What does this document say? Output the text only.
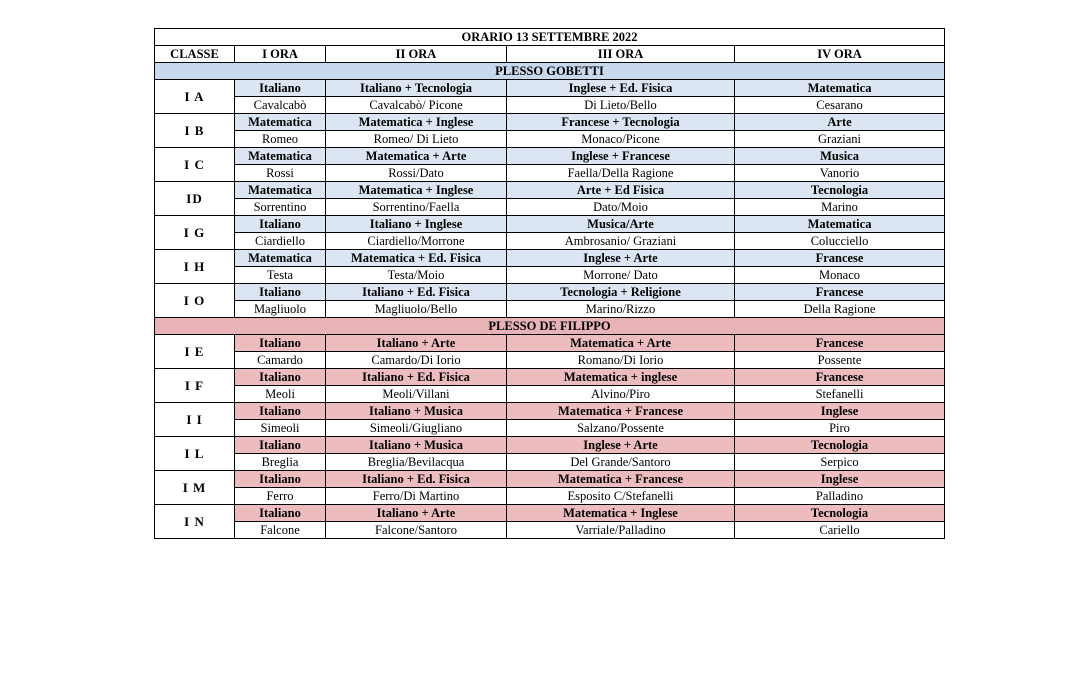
ORARIO 13 SETTEMBRE 2022				
CLASSE	I ORA	II ORA	III ORA	IV ORA
PLESSO GOBETTI				
I A	Italiano	Italiano + Tecnologia	Inglese + Ed. Fisica	Matematica
	Cavalcabò	Cavalcabò/ Picone	Di Lieto/Bello	Cesarano
I B	Matematica	Matematica + Inglese	Francese + Tecnologia	Arte
	Romeo	Romeo/ Di Lieto	Monaco/Picone	Graziani
I C	Matematica	Matematica + Arte	Inglese + Francese	Musica
	Rossi	Rossi/Dato	Faella/Della Ragione	Vanorio
ID	Matematica	Matematica + Inglese	Arte + Ed Fisica	Tecnologia
	Sorrentino	Sorrentino/Faella	Dato/Moio	Marino
I G	Italiano	Italiano + Inglese	Musica/Arte	Matematica
	Ciardiello	Ciardiello/Morrone	Ambrosanio/ Graziani	Colucciello
I H	Matematica	Matematica + Ed. Fisica	Inglese + Arte	Francese
	Testa	Testa/Moio	Morrone/ Dato	Monaco
I O	Italiano	Italiano + Ed. Fisica	Tecnologia + Religione	Francese
	Magliuolo	Magliuolo/Bello	Marino/Rizzo	Della Ragione
PLESSO DE FILIPPO				
I E	Italiano	Italiano + Arte	Matematica + Arte	Francese
	Camardo	Camardo/Di Iorio	Romano/Di Iorio	Possente
I F	Italiano	Italiano + Ed. Fisica	Matematica + inglese	Francese
	Meoli	Meoli/Villani	Alvino/Piro	Stefanelli
I I	Italiano	Italiano + Musica	Matematica + Francese	Inglese
	Simeoli	Simeoli/Giugliano	Salzano/Possente	Piro
I L	Italiano	Italiano + Musica	Inglese + Arte	Tecnologia
	Breglia	Breglia/Bevilacqua	Del Grande/Santoro	Serpico
I M	Italiano	Italiano + Ed. Fisica	Matematica + Francese	Inglese
	Ferro	Ferro/Di Martino	Esposito C/Stefanelli	Palladino
I N	Italiano	Italiano + Arte	Matematica + Inglese	Tecnologia
	Falcone	Falcone/Santoro	Varriale/Palladino	Cariello
